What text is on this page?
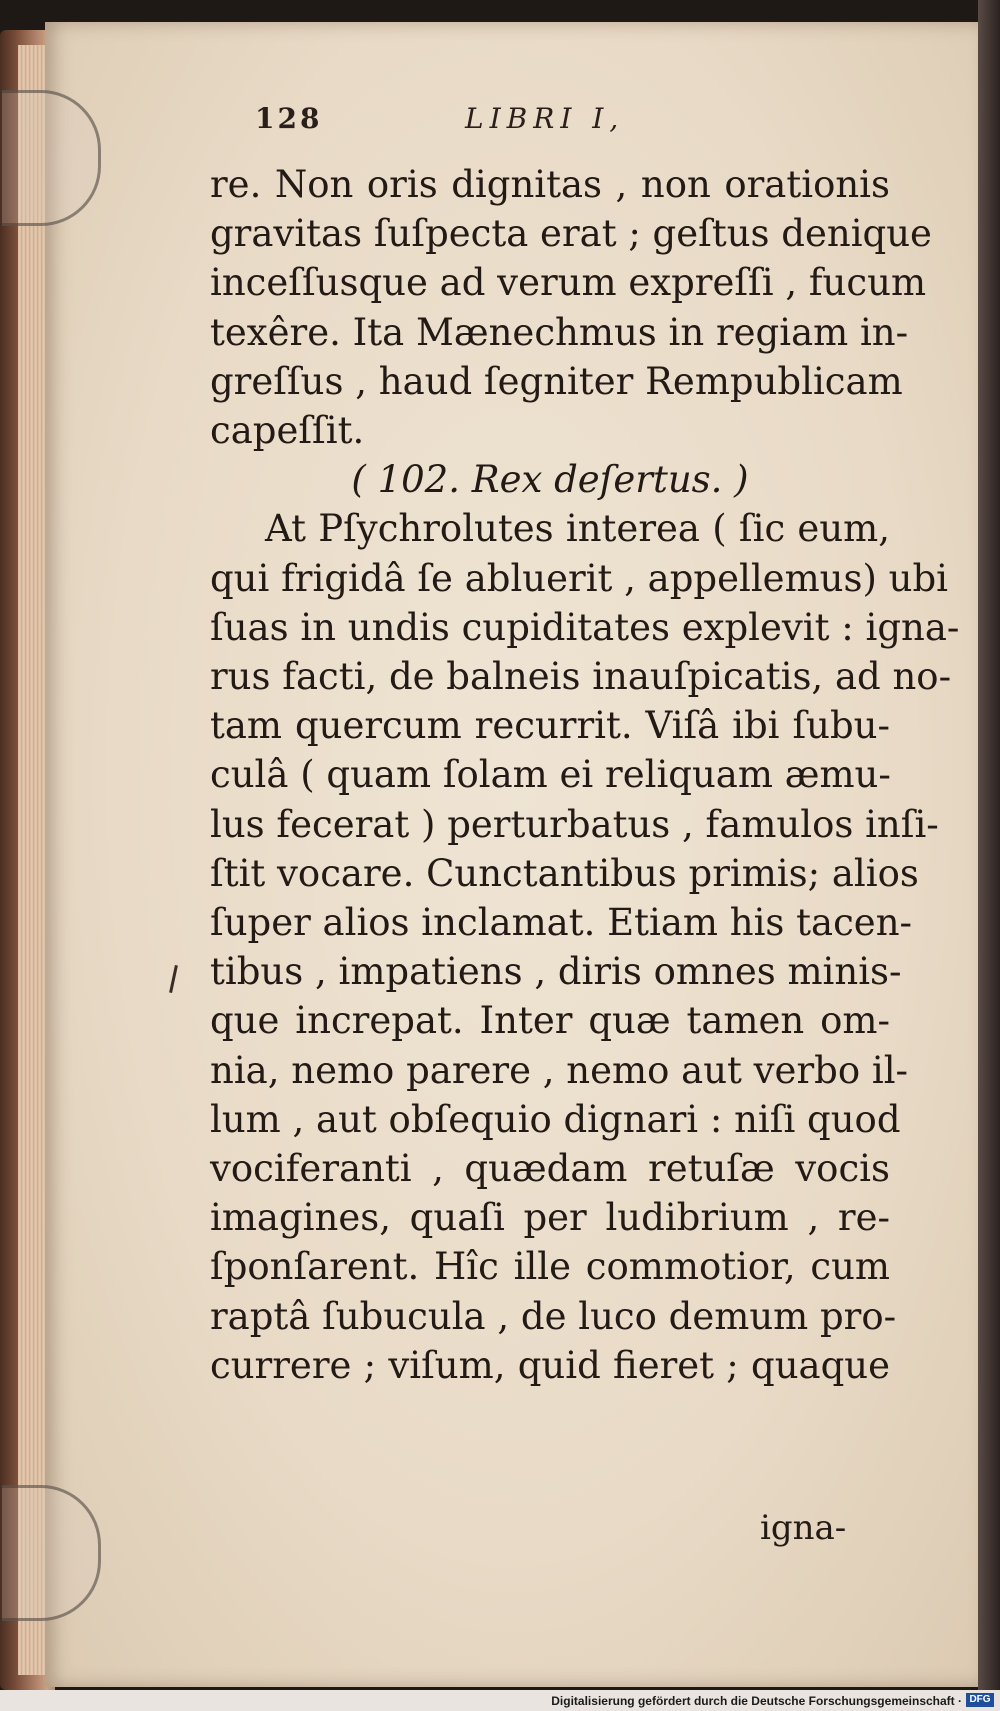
128	LIBRI I,
re. Non oris dignitas , non orationis
gravitas ſuſpecta erat ; geſtus denique
inceſſusque ad verum expreſſi , fucum
texêre. Ita Mænechmus in regiam in-
greſſus , haud ſegniter Rempublicam
capeſſit.
( 102. Rex deſertus. )
At Pſychrolutes interea ( ſic eum,
qui frigidâ ſe abluerit , appellemus) ubi
ſuas in undis cupiditates explevit : igna-
rus facti, de balneis inauſpicatis, ad no-
tam quercum recurrit. Viſâ ibi ſubu-
culâ ( quam ſolam ei reliquam æmu-
lus fecerat ) perturbatus , famulos inſi-
ſtit vocare. Cunctantibus primis; alios
ſuper alios inclamat. Etiam his tacen-
tibus , impatiens , diris omnes minis-
que increpat. Inter quæ tamen om-
nia, nemo parere , nemo aut verbo il-
lum , aut obſequio dignari : niſi quod
vociferanti , quædam retuſæ vocis
imagines, quaſi per ludibrium , re-
ſponſarent. Hîc ille commotior, cum
raptâ ſubucula , de luco demum pro-
currere ; viſum, quid fieret ; quaque
igna-
Digitalisierung gefördert durch die Deutsche Forschungsgemeinschaft · DFG
